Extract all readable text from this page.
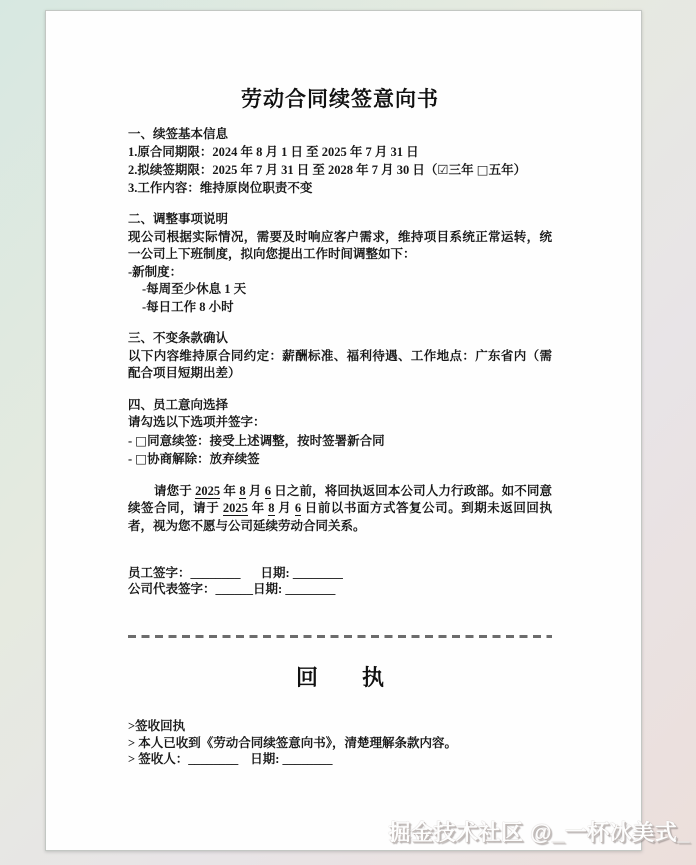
劳动合同续签意向书

一、续签基本信息

1.原合同期限：2024 年 8 月 1 日 至 2025 年 7 月 31 日

2.拟续签期限：2025 年 7 月 31 日 至 2028 年 7 月 30 日（☑三年 □五年）

3.工作内容：维持原岗位职责不变

二、调整事项说明

现公司根据实际情况，需要及时响应客户需求，维持项目系统正常运转，统一公司上下班制度，拟向您提出工作时间调整如下：

-新制度：

-每周至少休息 1 天

-每日工作 8 小时

三、不变条款确认

以下内容维持原合同约定：薪酬标准、福利待遇、工作地点：广东省内（需配合项目短期出差）

四、员工意向选择

请勾选以下选项并签字：

- □同意续签：接受上述调整，按时签署新合同

- □协商解除：放弃续签

请您于 2025 年 8 月 6 日之前，将回执返回本公司人力行政部。如不同意续签合同，请于 2025 年 8 月 6 日前以书面方式答复公司。到期未返回回执者，视为您不愿与公司延续劳动合同关系。

员工签字：________ 日期: ________

公司代表签字：______日期: ________

回　　执

>签收回执

> 本人已收到《劳动合同续签意向书》，清楚理解条款内容。

> 签收人：________ 日期: ________

掘金技术社区 @_一杯冰美式_
